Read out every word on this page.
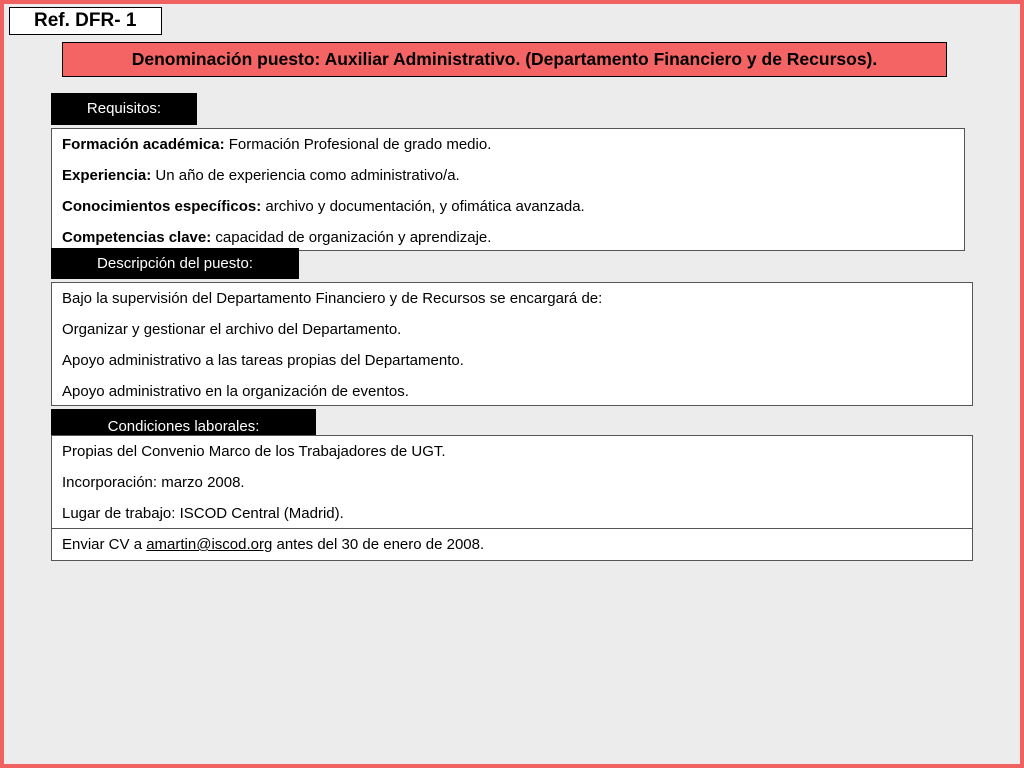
Ref. DFR- 1
Denominación puesto: Auxiliar Administrativo. (Departamento Financiero y de Recursos).
Requisitos:
Formación académica: Formación Profesional de grado medio.
Experiencia: Un año de experiencia como administrativo/a.
Conocimientos específicos: archivo y documentación, y ofimática avanzada.
Competencias clave: capacidad de organización y aprendizaje.
Descripción del puesto:
Bajo la supervisión del Departamento Financiero y de Recursos se encargará de:
Organizar y gestionar el archivo del Departamento.
Apoyo administrativo a las tareas propias del Departamento.
Apoyo administrativo en la organización de eventos.
Condiciones laborales:
Propias del Convenio Marco de los Trabajadores de UGT.
Incorporación: marzo 2008.
Lugar de trabajo: ISCOD Central (Madrid).
Enviar CV a amartin@iscod.org antes del 30 de enero de 2008.
